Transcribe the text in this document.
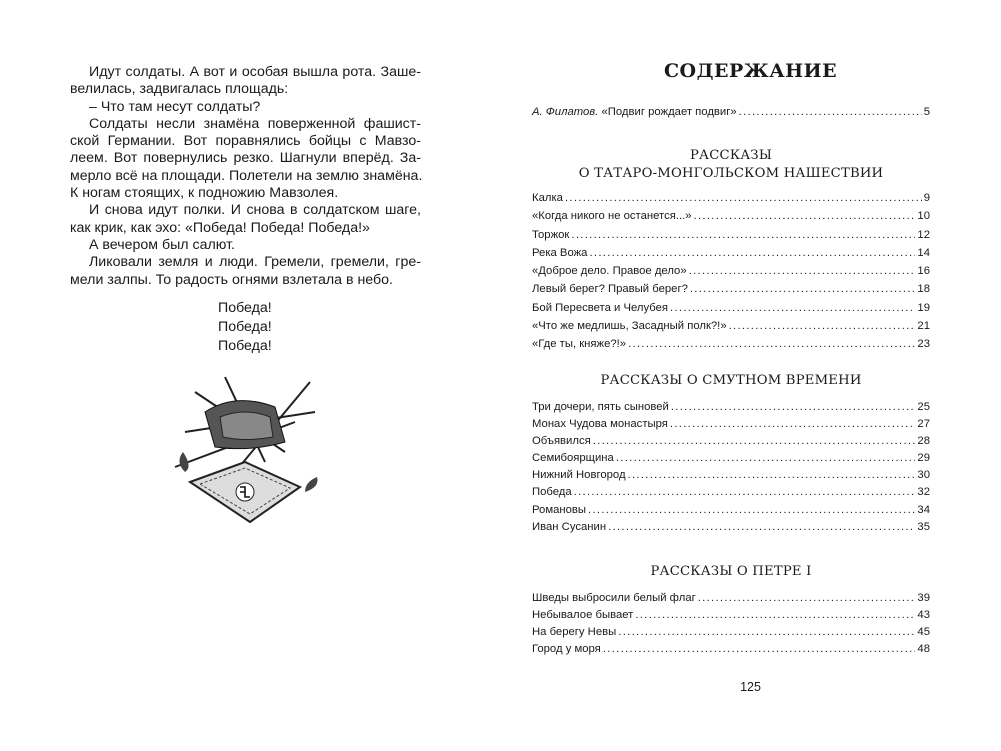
Идут солдаты. А вот и особая вышла рота. Заше-
велилась, задвигалась площадь:
– Что там несут солдаты?
Солдаты несли знамёна поверженной фашист-
ской Германии. Вот поравнялись бойцы с Мавзо-
леем. Вот повернулись резко. Шагнули вперёд. За-
мерло всё на площади. Полетели на землю знамёна.
К ногам стоящих, к подножию Мавзолея.
И снова идут полки. И снова в солдатском шаге,
как крик, как эхо: «Победа! Победа! Победа!»
А вечером был салют.
Ликовали земля и люди. Гремели, гремели, гре-
мели залпы. То радость огнями взлетала в небо.
Победа!
Победа!
Победа!
СОДЕРЖАНИЕ
А. Филатов. «Подвиг рождает подвиг» .....	5
РАССКАЗЫ
О ТАТАРО-МОНГОЛЬСКОМ НАШЕСТВИИ
Калка .....	9
«Когда никого не останется...» .....	10
Торжок .....	12
Река Вожа .....	14
«Доброе дело. Правое дело» .....	16
Левый берег? Правый берег? .....	18
Бой Пересвета и Челубея .....	19
«Что же медлишь, Засадный полк?!» .....	21
«Где ты, княже?!» .....	23
РАССКАЗЫ О СМУТНОМ ВРЕМЕНИ
Три дочери, пять сыновей .....	25
Монах Чудова монастыря .....	27
Объявился .....	28
Семибоярщина .....	29
Нижний Новгород .....	30
Победа .....	32
Романовы .....	34
Иван Сусанин .....	35
РАССКАЗЫ О ПЕТРЕ I
Шведы выбросили белый флаг .....	39
Небывалое бывает .....	43
На берегу Невы .....	45
Город у моря .....	48
125
